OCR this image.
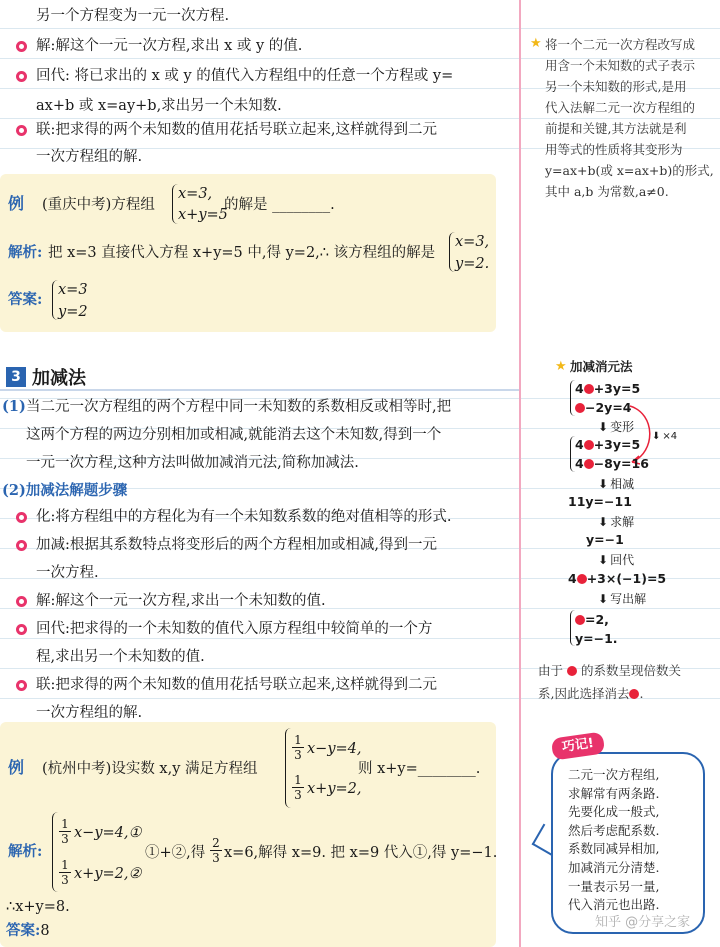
另一个方程变为一元一次方程.
解:解这个一元一次方程,求出 x 或 y 的值.
回代: 将已求出的 x 或 y 的值代入方程组中的任意一个方程或 y=
ax+b 或 x=ay+b,求出另一个未知数.
联:把求得的两个未知数的值用花括号联立起来,这样就得到二元
一次方程组的解.
例 (重庆中考)方程组
x=3,
x+y=5
的解是 ________.
解析: 把 x=3 直接代入方程 x+y=5 中,得 y=2,∴ 该方程组的解是
x=3,
y=2.
答案:
x=3
y=2
★ 将一个二元一次方程改写成
用含一个未知数的式子表示
另一个未知数的形式,是用
代入法解二元一次方程组的
前提和关键,其方法就是利
用等式的性质将其变形为
y=ax+b(或 x=ax+b)的形式,
其中 a,b 为常数,a≠0.
3 加减法
(1) 当二元一次方程组的两个方程中同一未知数的系数相反或相等时,把
这两个方程的两边分别相加或相减,就能消去这个未知数,得到一个
一元一次方程,这种方法叫做加减消元法,简称加减法.
(2)加减法解题步骤
化:将方程组中的方程化为有一个未知数系数的绝对值相等的形式.
加减:根据其系数特点将变形后的两个方程相加或相减,得到一元
一次方程.
解:解这个一元一次方程,求出一个未知数的值.
回代:把求得的一个未知数的值代入原方程组中较简单的一个方
程,求出另一个未知数的值.
联:把求得的两个未知数的值用花括号联立起来,这样就得到二元
一次方程组的解.
★ 加减消元法
4 +3y=5
−2y=4
⬇ 变形
⬇ ×4
4 +3y=5
4 −8y=16
⬇ 相减
11y=−11
⬇ 求解
y=−1
⬇ 回代
4 +3×(−1)=5
⬇ 写出解
=2,
y=−1.
由于 的系数呈现倍数关
系,因此选择消去 .
例 (杭州中考)设实数 x,y 满足方程组
$\frac{1}{3} x-y=4$,
$\frac{1}{3} x+y=2$,
则 x+y=________.
解析:
$\frac{1}{3}$ x−y=4,①
$\frac{1}{3}$ x+y=2,②
①+②,得 $\frac{2}{3} x=6$,解得 x=9. 把 x=9 代入①,得 y=−1.
∴x+y=8.
答案:8
巧记!
二元一次方程组,
求解常有两条路.
先要化成一般式,
然后考虑配系数.
系数同减异相加,
加减消元分清楚.
一量表示另一量,
代入消元也出路.
知乎 @分享之家
